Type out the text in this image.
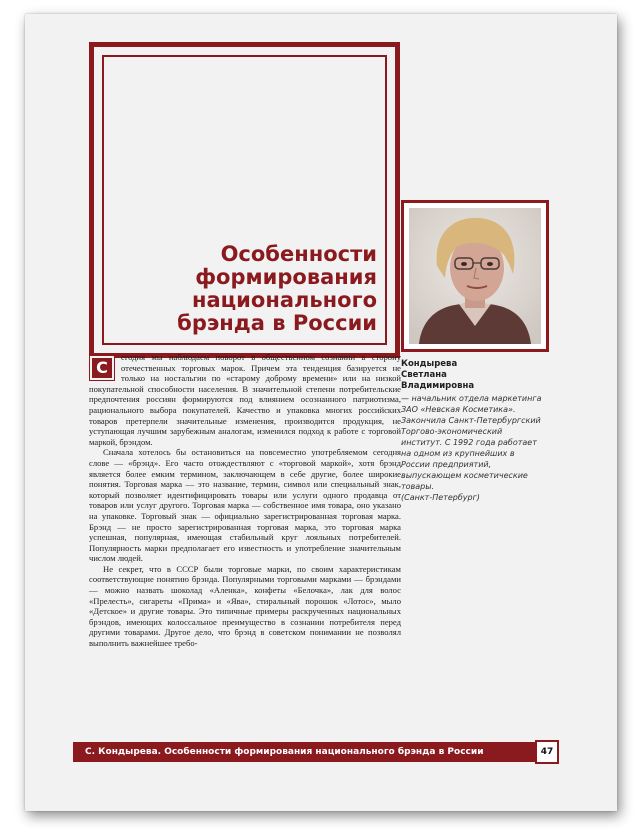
Особенности
формирования
национального
брэнда в России

Кондырева
Светлана
Владимировна

— начальник отдела маркетинга
ЗАО «Невская Косметика».
Закончила Санкт-Петербургский
Торгово-экономический
институт. С 1992 года работает
на одном из крупнейших в
России предприятий,
выпускающем косметические
товары.
(Санкт-Петербург)

С
егодня мы наблюдаем поворот в общественном сознании в сторону отечественных торговых марок. Причем эта тенденция базируется не только на ностальгии по «старому доброму времени» или на низкой покупательной способности населения. В значительной степени потребительские предпочтения россиян формируются под влиянием осознанного патриотизма, рационального выбора покупателей. Качество и упаковка многих российских товаров претерпели значительные изменения, производится продукция, не уступающая лучшим зарубежным аналогам, изменился подход к работе с торговой маркой, брэндом.

Сначала хотелось бы остановиться на повсеместно употребляемом сегодня слове — «брэнд». Его часто отождествляют с «торговой маркой», хотя брэнд является более емким термином, заключающем в себе другие, более широкие понятия. Торговая марка — это название, термин, символ или специальный знак, который позволяет идентифицировать товары или услуги одного продавца от товаров или услуг другого. Торговая марка — собственное имя товара, оно указано на упаковке. Торговый знак — официально зарегистрированная торговая марка. Брэнд — не просто зарегистрированная торговая марка, это торговая марка успешная, популярная, имеющая стабильный круг лояльных потребителей. Популярность марки предполагает его известность и употребление значительным числом людей.

Не секрет, что в СССР были торговые марки, по своим характеристикам соответствующие понятию брэнда. Популярными торговыми марками — брэндами — можно назвать шоколад «Аленка», конфеты «Белочка», лак для волос «Прелесть», сигареты «Прима» и «Ява», стиральный порошок «Лотос», мыло «Детское» и другие товары. Это типичные примеры раскрученных национальных брэндов, имеющих колоссальное преимущество в сознании потребителя перед другими товарами. Другое дело, что брэнд в советском понимании не позволял выполнить важнейшее требо-

С. Кондырева. Особенности формирования национального брэнда в России	47
